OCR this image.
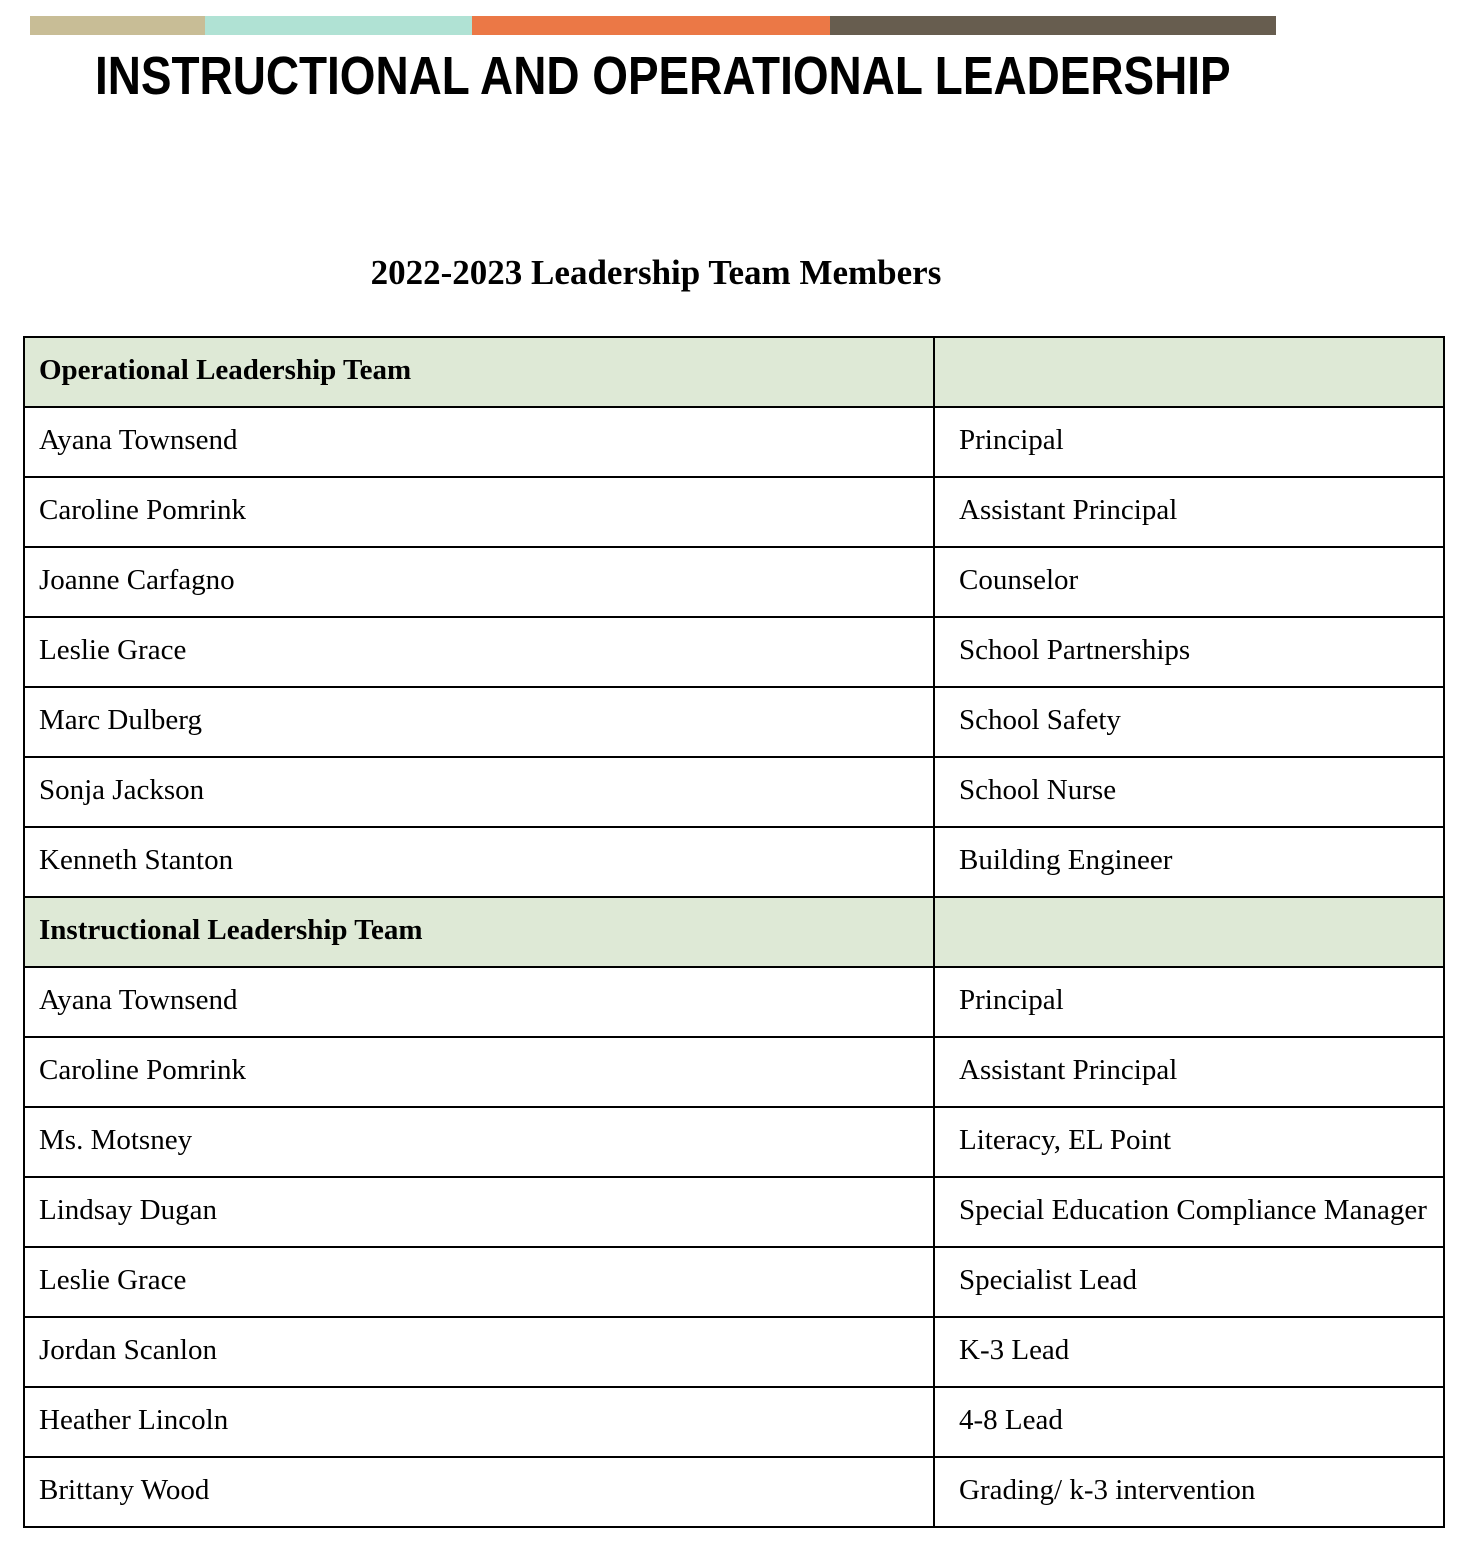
INSTRUCTIONAL AND OPERATIONAL LEADERSHIP
2022-2023 Leadership Team Members
Operational Leadership Team	
Ayana Townsend	Principal
Caroline Pomrink	Assistant Principal
Joanne Carfagno	Counselor
Leslie Grace	School Partnerships
Marc Dulberg	School Safety
Sonja Jackson	School Nurse
Kenneth Stanton	Building Engineer
Instructional Leadership Team	
Ayana Townsend	Principal
Caroline Pomrink	Assistant Principal
Ms. Motsney	Literacy, EL Point
Lindsay Dugan	Special Education Compliance Manager
Leslie Grace	Specialist Lead
Jordan Scanlon	K-3 Lead
Heather Lincoln	4-8 Lead
Brittany Wood	Grading/ k-3 intervention
